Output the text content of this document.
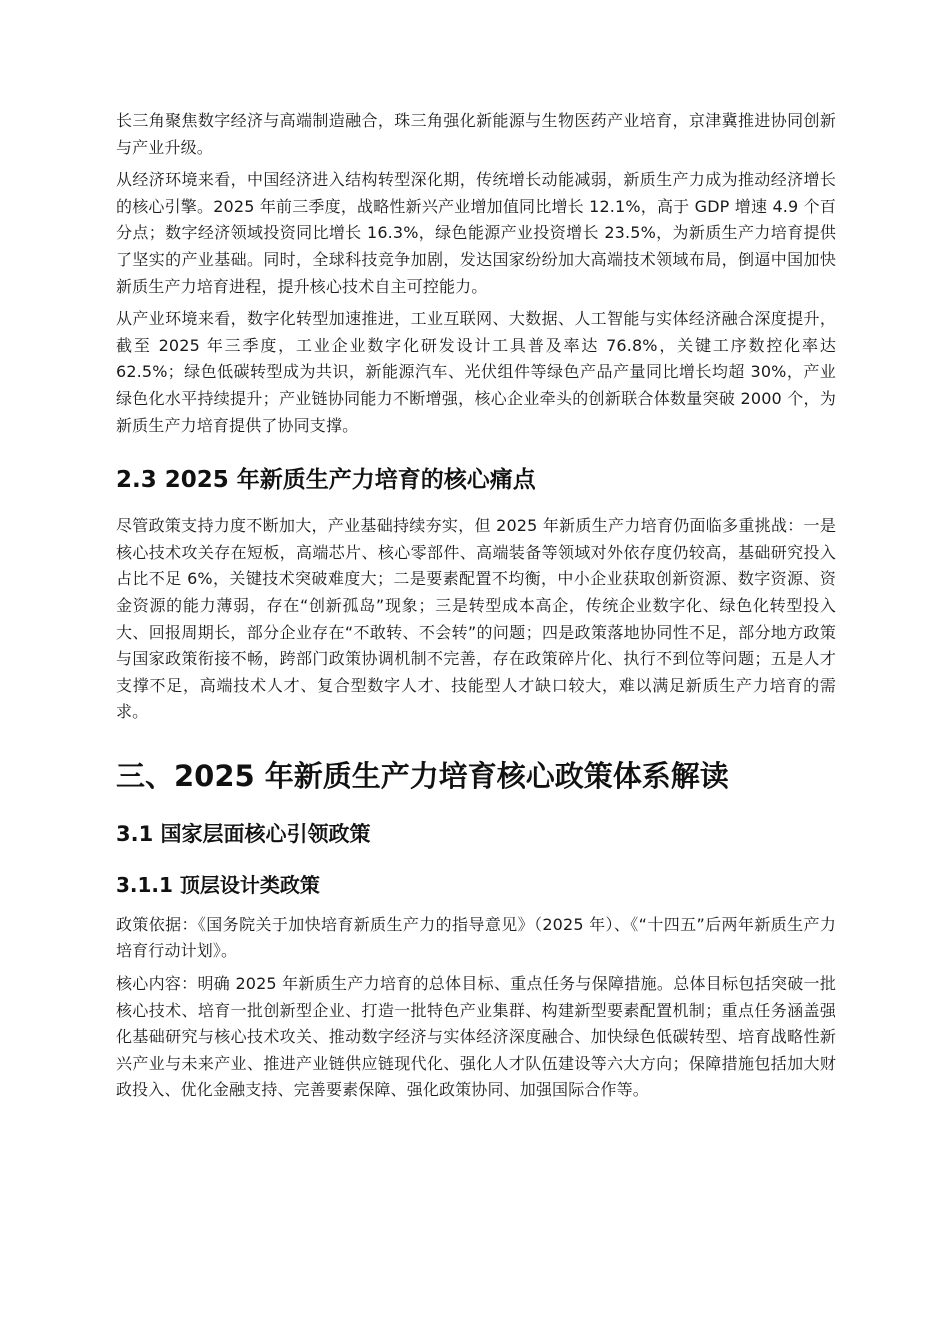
长三角聚焦数字经济与高端制造融合，珠三角强化新能源与生物医药产业培育，京津冀推进协同创新与产业升级。

从经济环境来看，中国经济进入结构转型深化期，传统增长动能减弱，新质生产力成为推动经济增长的核心引擎。2025 年前三季度，战略性新兴产业增加值同比增长 12.1%，高于 GDP 增速 4.9 个百分点；数字经济领域投资同比增长 16.3%，绿色能源产业投资增长 23.5%，为新质生产力培育提供了坚实的产业基础。同时，全球科技竞争加剧，发达国家纷纷加大高端技术领域布局，倒逼中国加快新质生产力培育进程，提升核心技术自主可控能力。

从产业环境来看，数字化转型加速推进，工业互联网、大数据、人工智能与实体经济融合深度提升，截至 2025 年三季度，工业企业数字化研发设计工具普及率达 76.8%，关键工序数控化率达 62.5%；绿色低碳转型成为共识，新能源汽车、光伏组件等绿色产品产量同比增长均超 30%，产业绿色化水平持续提升；产业链协同能力不断增强，核心企业牵头的创新联合体数量突破 2000 个，为新质生产力培育提供了协同支撑。

2.3 2025 年新质生产力培育的核心痛点

尽管政策支持力度不断加大，产业基础持续夯实，但 2025 年新质生产力培育仍面临多重挑战：一是核心技术攻关存在短板，高端芯片、核心零部件、高端装备等领域对外依存度仍较高，基础研究投入占比不足 6%，关键技术突破难度大；二是要素配置不均衡，中小企业获取创新资源、数字资源、资金资源的能力薄弱，存在“创新孤岛”现象；三是转型成本高企，传统企业数字化、绿色化转型投入大、回报周期长，部分企业存在“不敢转、不会转”的问题；四是政策落地协同性不足，部分地方政策与国家政策衔接不畅，跨部门政策协调机制不完善，存在政策碎片化、执行不到位等问题；五是人才支撑不足，高端技术人才、复合型数字人才、技能型人才缺口较大，难以满足新质生产力培育的需求。

三、2025 年新质生产力培育核心政策体系解读
3.1 国家层面核心引领政策
3.1.1 顶层设计类政策

政策依据：《国务院关于加快培育新质生产力的指导意见》（2025 年）、《“十四五”后两年新质生产力培育行动计划》。

核心内容：明确 2025 年新质生产力培育的总体目标、重点任务与保障措施。总体目标包括突破一批核心技术、培育一批创新型企业、打造一批特色产业集群、构建新型要素配置机制；重点任务涵盖强化基础研究与核心技术攻关、推动数字经济与实体经济深度融合、加快绿色低碳转型、培育战略性新兴产业与未来产业、推进产业链供应链现代化、强化人才队伍建设等六大方向；保障措施包括加大财政投入、优化金融支持、完善要素保障、强化政策协同、加强国际合作等。
